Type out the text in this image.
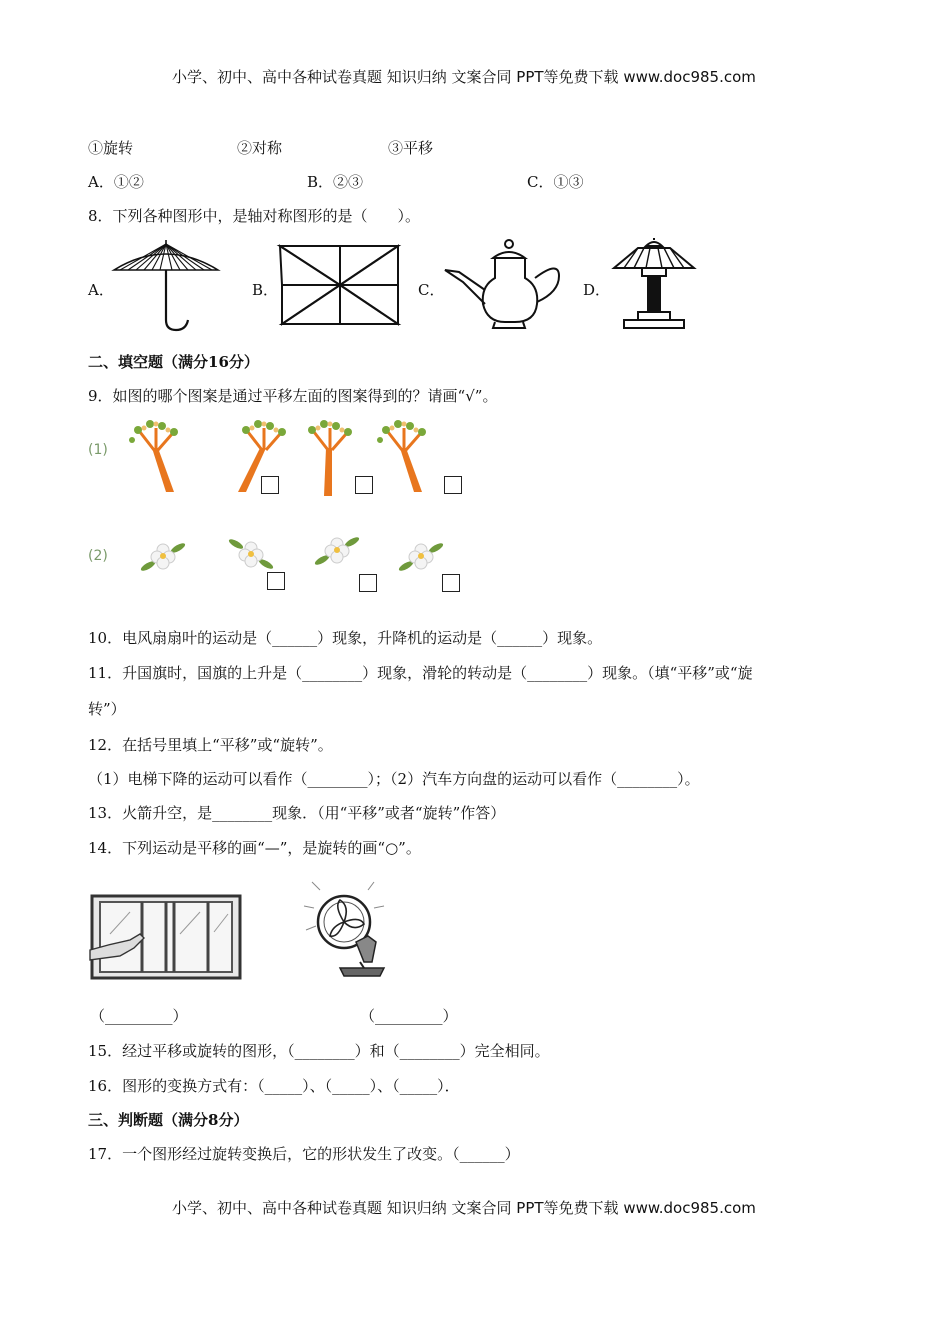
小学、初中、高中各种试卷真题 知识归纳 文案合同 PPT等免费下载 www.doc985.com
①旋转	②对称	③平移
A．①②	B．②③	C．①③
8．下列各种图形中，是轴对称图形的是（　　）。
A．	B．	C．	D．
二、填空题（满分16分）
9．如图的哪个图案是通过平移左面的图案得到的？请画“√”。
(1)
(2)
10．电风扇扇叶的运动是（______）现象，升降机的运动是（______）现象。
11．升国旗时，国旗的上升是（________）现象，滑轮的转动是（________）现象。（填“平移”或“旋
转”）
12．在括号里填上“平移”或“旋转”。
（1）电梯下降的运动可以看作（________）；（2）汽车方向盘的运动可以看作（________）。
13．火箭升空，是________现象．（用“平移”或者“旋转”作答）
14．下列运动是平移的画“—”，是旋转的画“○”。
（_________）	（_________）
15．经过平移或旋转的图形，（________）和（________）完全相同。
16．图形的变换方式有：（_____）、（_____）、（_____）．
三、判断题（满分8分）
17．一个图形经过旋转变换后，它的形状发生了改变。（______）
小学、初中、高中各种试卷真题 知识归纳 文案合同 PPT等免费下载 www.doc985.com
